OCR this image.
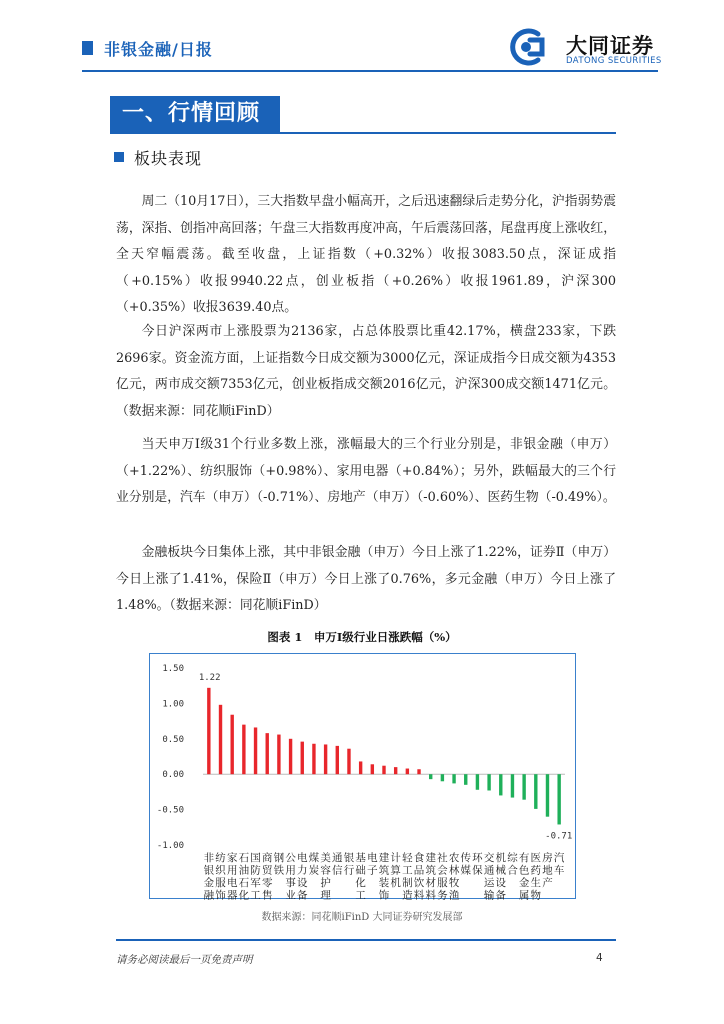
非银金融/日报	大同证券
DATONG SECURITIES
一、行情回顾
板块表现

周二（10月17日），三大指数早盘小幅高开，之后迅速翻绿后走势分化，沪指弱势震荡，深指、创指冲高回落；午盘三大指数再度冲高，午后震荡回落，尾盘再度上涨收红，全天窄幅震荡。截至收盘，上证指数（+0.32%）收报3083.50点，深证成指（+0.15%）收报9940.22点，创业板指（+0.26%）收报1961.89，沪深300（+0.35%）收报3639.40点。

今日沪深两市上涨股票为2136家，占总体股票比重42.17%，横盘233家，下跌2696家。资金流方面，上证指数今日成交额为3000亿元，深证成指今日成交额为4353亿元，两市成交额7353亿元，创业板指成交额2016亿元，沪深300成交额1471亿元。（数据来源：同花顺iFinD）

当天申万Ⅰ级31个行业多数上涨，涨幅最大的三个行业分别是，非银金融（申万）（+1.22%）、纺织服饰（+0.98%）、家用电器（+0.84%）；另外，跌幅最大的三个行业分别是，汽车（申万）（-0.71%）、房地产（申万）（-0.60%）、医药生物（-0.49%）。

金融板块今日集体上涨，其中非银金融（申万）今日上涨了1.22%，证券Ⅱ（申万）今日上涨了1.41%，保险Ⅱ（申万）今日上涨了0.76%，多元金融（申万）今日上涨了1.48%。（数据来源：同花顺iFinD）

图表 1　申万Ⅰ级行业日涨跌幅（%）
1.50
1.00
0.50
0.00
-0.50
-1.00
非
银
金
融
纺
织
服
饰
家
用
电
器
石
油
石
化
国
防
军
工
商
贸
零
售
钢
铁
公
用
事
业
电
力
设
备
煤
炭
美
容
护
理
通
信
银
行
基
础
化
工
电
子
建
筑
装
饰
计
算
机
轻
工
制
造
食
品
饮
料
建
筑
材
料
社
会
服
务
农
林
牧
渔
传
媒
环
保
交
通
运
输
机
械
设
备
综
合
有
色
金
属
医
药
生
物
房
地
产
汽
车
1.22
-0.71
数据来源：同花顺iFinD 大同证券研究发展部
请务必阅读最后一页免责声明	4
